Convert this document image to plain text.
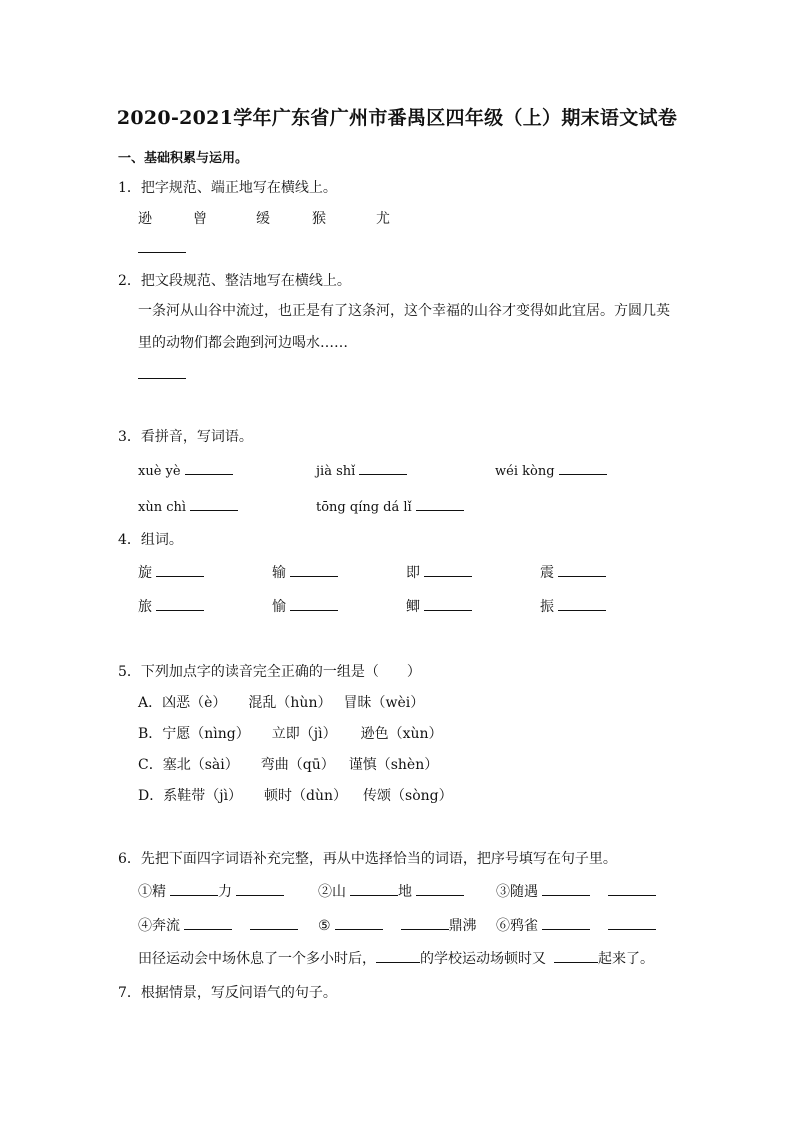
2020-2021学年广东省广州市番禺区四年级（上）期末语文试卷
一、基础积累与运用。
1．把字规范、端正地写在横线上。
逊	曾	缓	猴	尤
2．把文段规范、整洁地写在横线上。
一条河从山谷中流过，也正是有了这条河，这个幸福的山谷才变得如此宜居。方圆几英
里的动物们都会跑到河边喝水……
3．看拼音，写词语。
xuè yè	jià shǐ	wéi kòng
xùn chì	tōng qíng dá lǐ
4．组词。
旋	输	即	震
旅	愉	鲫	振
5．下列加点字的读音完全正确的一组是（　　）
A．凶恶（è） 混乱（hùn） 冒昧（wèi）
B．宁愿（nìng） 立即（jì） 逊色（xùn）
C．塞北（sài） 弯曲（qū） 谨慎（shèn）
D．系鞋带（jì） 顿时（dùn） 传颂（sòng）
6．先把下面四字词语补充完整，再从中选择恰当的词语，把序号填写在句子里。
①精	力	②山	地	③随遇
④奔流	⑤	鼎沸 ⑥鸦雀
田径运动会中场休息了一个多小时后，	的学校运动场顿时又	起来了。
7．根据情景，写反问语气的句子。
